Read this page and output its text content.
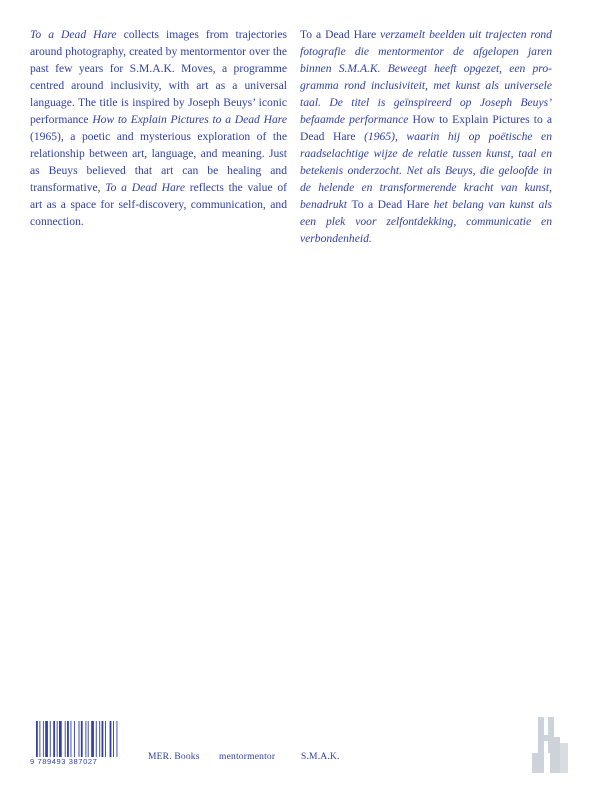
To a Dead Hare collects images from trajectories around photography, created by mentormentor over the past few years for S.M.A.K. Moves, a programme centred around inclusivity, with art as a universal language. The title is inspired by Joseph Beuys’ iconic performance How to Explain Pictures to a Dead Hare (1965), a poetic and mysterious exploration of the relationship between art, language, and meaning. Just as Beuys believed that art can be healing and transformative, To a Dead Hare reflects the value of art as a space for self-discovery, communication, and connection.
To a Dead Hare verzamelt beelden uit trajecten rond fotografie die mentormentor de afgelopen jaren binnen S.M.A.K. Beweegt heeft opgezet, een programma rond inclusiviteit, met kunst als universele taal. De titel is geïnspireerd op Joseph Beuys’ befaamde performance How to Explain Pictures to a Dead Hare (1965), waarin hij op poëtische en raadselachtige wijze de relatie tussen kunst, taal en betekenis onderzocht. Net als Beuys, die geloofde in de helende en transformerende kracht van kunst, benadrukt To a Dead Hare het belang van kunst als een plek voor zelfontdekking, communicatie en verbondenheid.
9 789493 387027	MER. Books mentormentor	S.M.A.K.
